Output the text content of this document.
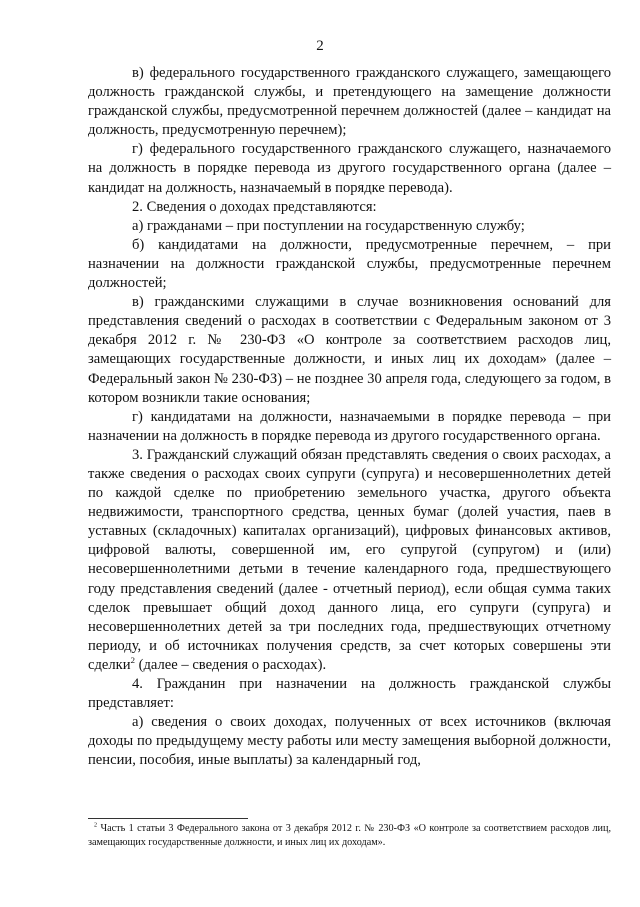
2

в) федерального государственного гражданского служащего, замещающего должность гражданской службы, и претендующего на замещение должности гражданской службы, предусмотренной перечнем должностей (далее – кандидат на должность, предусмотренную перечнем);

г) федерального государственного гражданского служащего, назначаемого на должность в порядке перевода из другого государственного органа (далее – кандидат на должность, назначаемый в порядке перевода).

2. Сведения о доходах представляются:

а) гражданами – при поступлении на государственную службу;

б) кандидатами на должности, предусмотренные перечнем, – при назначении на должности гражданской службы, предусмотренные перечнем должностей;

в) гражданскими служащими в случае возникновения оснований для представления сведений о расходах в соответствии с Федеральным законом от 3 декабря 2012 г. № 230-ФЗ «О контроле за соответствием расходов лиц, замещающих государственные должности, и иных лиц их доходам» (далее – Федеральный закон № 230-ФЗ) – не позднее 30 апреля года, следующего за годом, в котором возникли такие основания;

г) кандидатами на должности, назначаемыми в порядке перевода – при назначении на должность в порядке перевода из другого государственного органа.

3. Гражданский служащий обязан представлять сведения о своих расходах, а также сведения о расходах своих супруги (супруга) и несовершеннолетних детей по каждой сделке по приобретению земельного участка, другого объекта недвижимости, транспортного средства, ценных бумаг (долей участия, паев в уставных (складочных) капиталах организаций), цифровых финансовых активов, цифровой валюты, совершенной им, его супругой (супругом) и (или) несовершеннолетними детьми в течение календарного года, предшествующего году представления сведений (далее - отчетный период), если общая сумма таких сделок превышает общий доход данного лица, его супруги (супруга) и несовершеннолетних детей за три последних года, предшествующих отчетному периоду, и об источниках получения средств, за счет которых совершены эти сделки$^2$ (далее – сведения о расходах).

4. Гражданин при назначении на должность гражданской службы представляет:

а) сведения о своих доходах, полученных от всех источников (включая доходы по предыдущему месту работы или месту замещения выборной должности, пенсии, пособия, иные выплаты) за календарный год,

$^2$ Часть 1 статьи 3 Федерального закона от 3 декабря 2012 г. № 230-ФЗ «О контроле за соответствием расходов лиц, замещающих государственные должности, и иных лиц их доходам».
